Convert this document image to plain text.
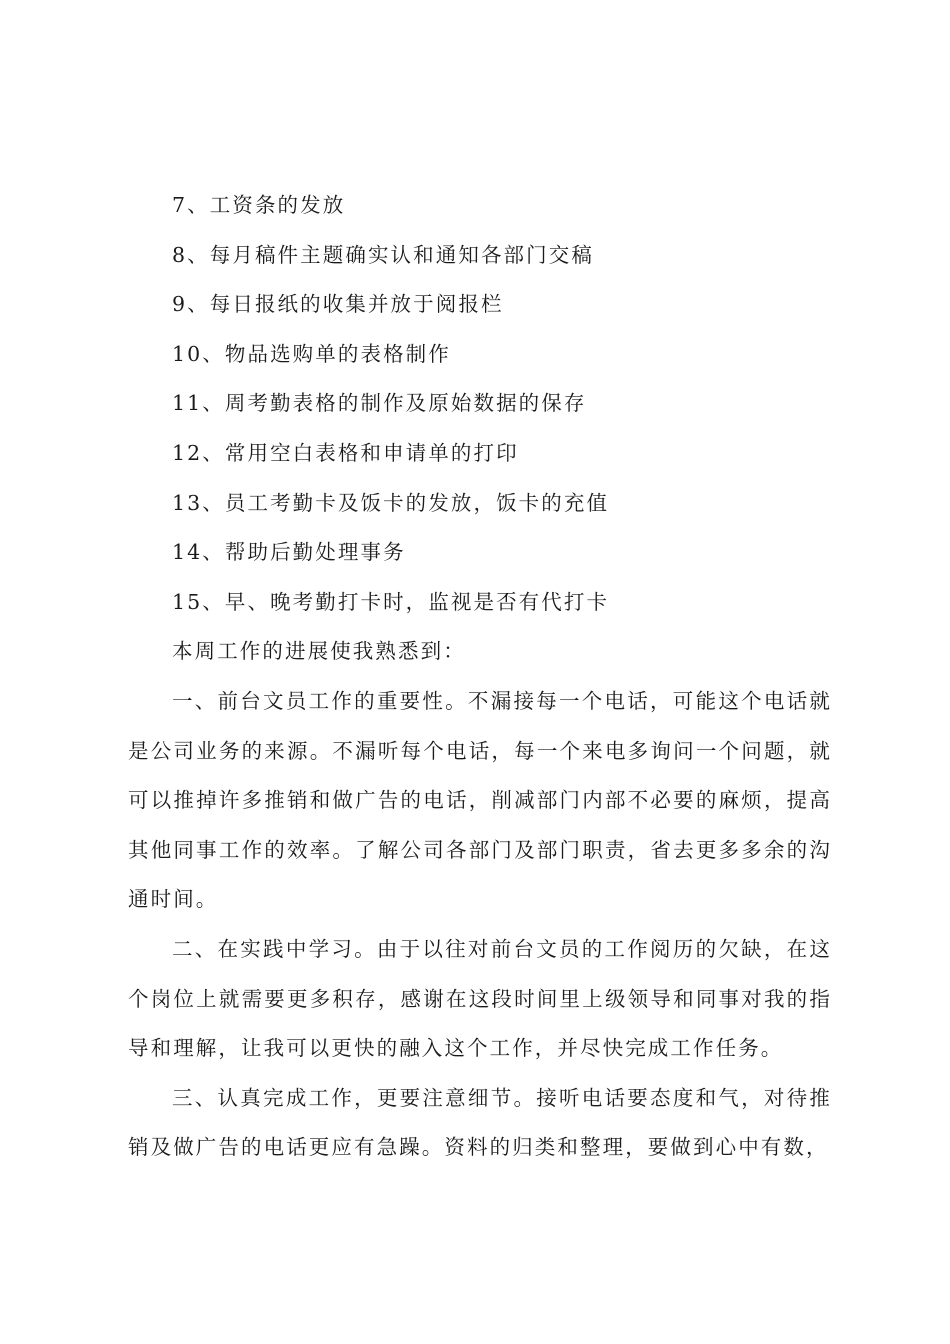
7、工资条的发放

8、每月稿件主题确实认和通知各部门交稿

9、每日报纸的收集并放于阅报栏

10、物品选购单的表格制作

11、周考勤表格的制作及原始数据的保存

12、常用空白表格和申请单的打印

13、员工考勤卡及饭卡的发放，饭卡的充值

14、帮助后勤处理事务

15、早、晚考勤打卡时，监视是否有代打卡

本周工作的进展使我熟悉到：

一、前台文员工作的重要性。不漏接每一个电话，可能这个电话就是公司业务的来源。不漏听每个电话，每一个来电多询问一个问题，就可以推掉许多推销和做广告的电话，削减部门内部不必要的麻烦，提高其他同事工作的效率。了解公司各部门及部门职责，省去更多多余的沟通时间。

二、在实践中学习。由于以往对前台文员的工作阅历的欠缺，在这个岗位上就需要更多积存，感谢在这段时间里上级领导和同事对我的指导和理解，让我可以更快的融入这个工作，并尽快完成工作任务。

三、认真完成工作，更要注意细节。接听电话要态度和气，对待推销及做广告的电话更应有急躁。资料的归类和整理，要做到心中有数，
